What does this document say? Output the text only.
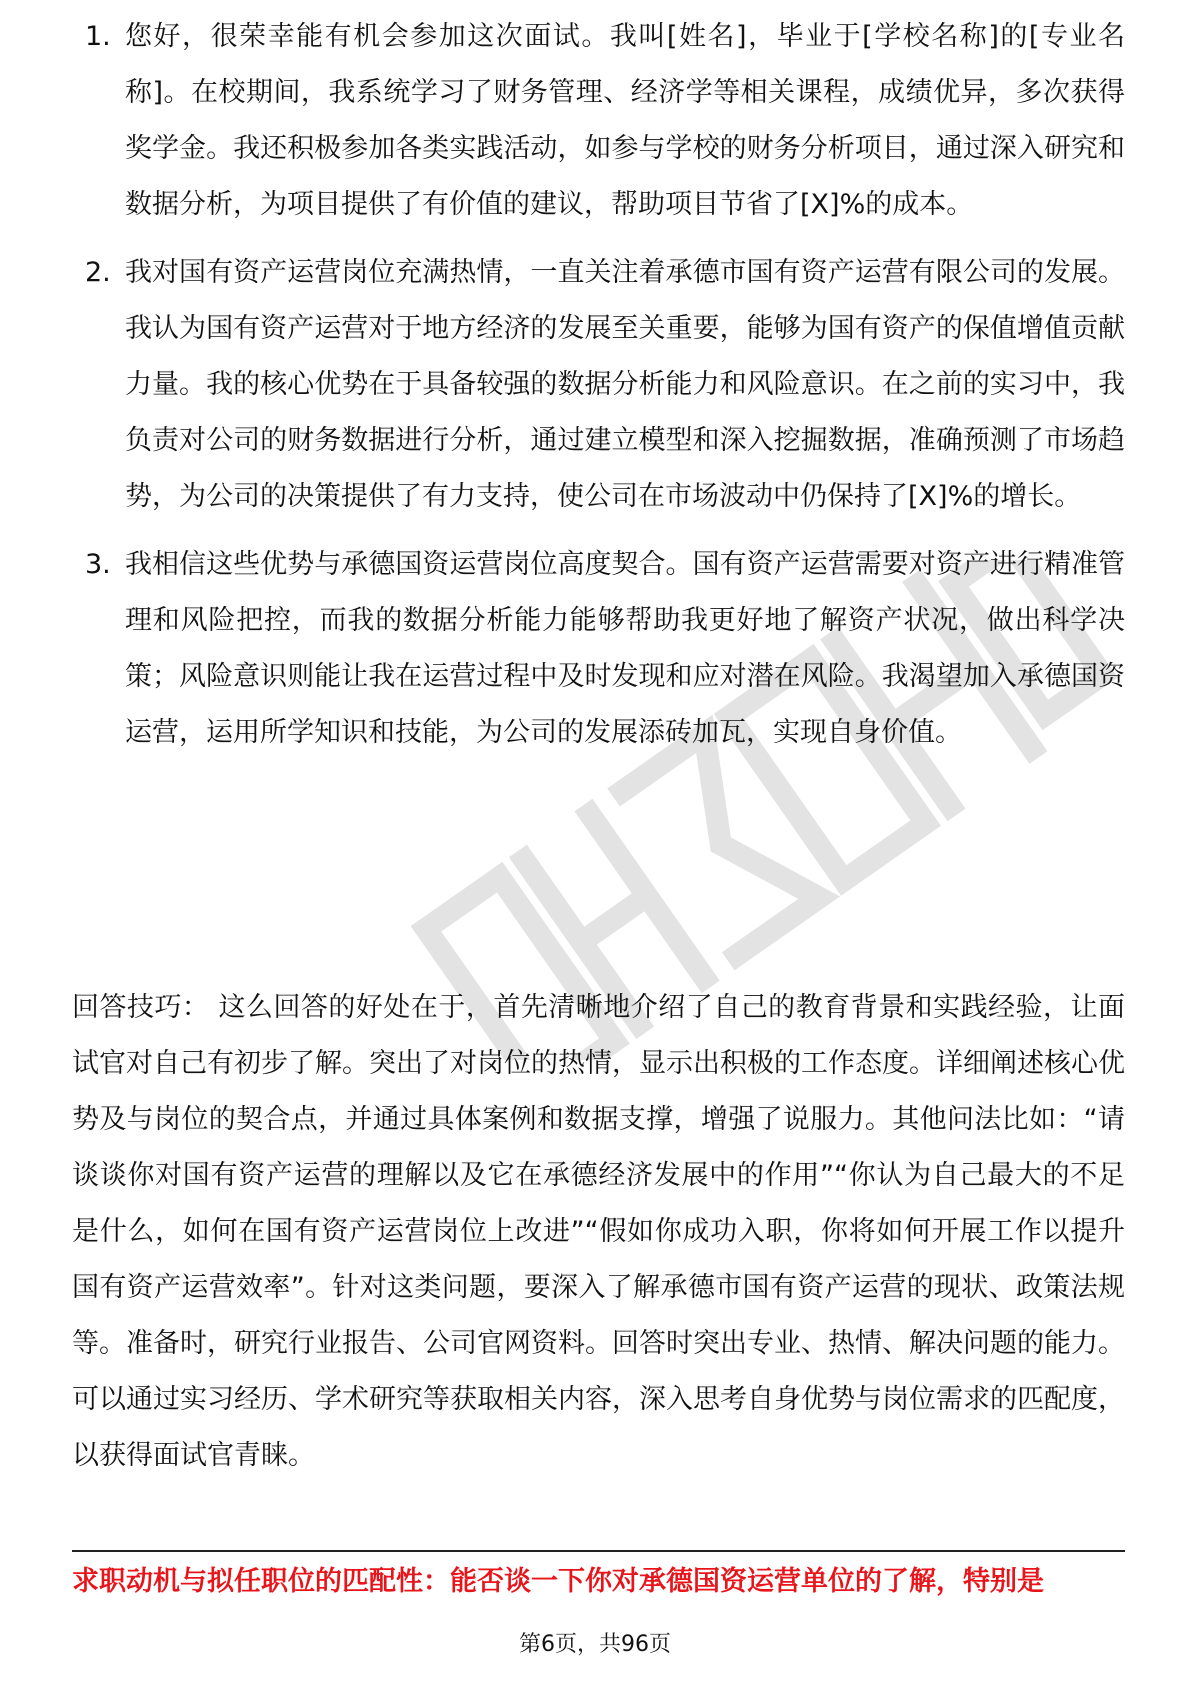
1. 您好，很荣幸能有机会参加这次面试。我叫[姓名]，毕业于[学校名称]的[专业名称]。在校期间，我系统学习了财务管理、经济学等相关课程，成绩优异，多次获得奖学金。我还积极参加各类实践活动，如参与学校的财务分析项目，通过深入研究和数据分析，为项目提供了有价值的建议，帮助项目节省了[X]%的成本。

2. 我对国有资产运营岗位充满热情，一直关注着承德市国有资产运营有限公司的发展。我认为国有资产运营对于地方经济的发展至关重要，能够为国有资产的保值增值贡献力量。我的核心优势在于具备较强的数据分析能力和风险意识。在之前的实习中，我负责对公司的财务数据进行分析，通过建立模型和深入挖掘数据，准确预测了市场趋势，为公司的决策提供了有力支持，使公司在市场波动中仍保持了[X]%的增长。

3. 我相信这些优势与承德国资运营岗位高度契合。国有资产运营需要对资产进行精准管理和风险把控，而我的数据分析能力能够帮助我更好地了解资产状况，做出科学决策；风险意识则能让我在运营过程中及时发现和应对潜在风险。我渴望加入承德国资运营，运用所学知识和技能，为公司的发展添砖加瓦，实现自身价值。

回答技巧： 这么回答的好处在于，首先清晰地介绍了自己的教育背景和实践经验，让面试官对自己有初步了解。突出了对岗位的热情，显示出积极的工作态度。详细阐述核心优势及与岗位的契合点，并通过具体案例和数据支撑，增强了说服力。其他问法比如：“请谈谈你对国有资产运营的理解以及它在承德经济发展中的作用”“你认为自己最大的不足是什么，如何在国有资产运营岗位上改进”“假如你成功入职，你将如何开展工作以提升国有资产运营效率”。针对这类问题，要深入了解承德市国有资产运营的现状、政策法规等。准备时，研究行业报告、公司官网资料。回答时突出专业、热情、解决问题的能力。可以通过实习经历、学术研究等获取相关内容，深入思考自身优势与岗位需求的匹配度，以获得面试官青睐。

求职动机与拟任职位的匹配性：能否谈一下你对承德国资运营单位的了解，特别是
第6页，共96页
